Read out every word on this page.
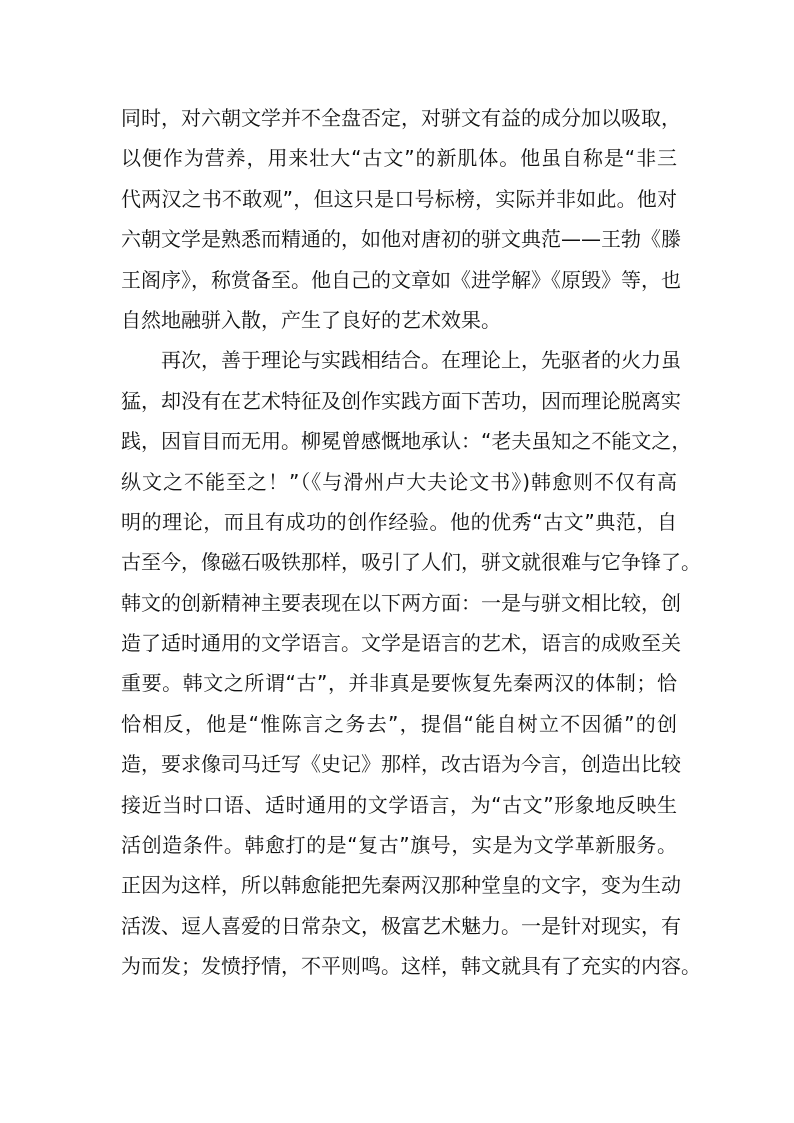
同时，对六朝文学并不全盘否定，对骈文有益的成分加以吸取，
以便作为营养，用来壮大“古文”的新肌体。他虽自称是“非三
代两汉之书不敢观”，但这只是口号标榜，实际并非如此。他对
六朝文学是熟悉而精通的，如他对唐初的骈文典范——王勃《滕
王阁序》，称赏备至。他自己的文章如《进学解》《原毁》等，也
自然地融骈入散，产生了良好的艺术效果。
再次，善于理论与实践相结合。在理论上，先驱者的火力虽
猛，却没有在艺术特征及创作实践方面下苦功，因而理论脱离实
践，因盲目而无用。柳冕曾感慨地承认：“老夫虽知之不能文之，
纵文之不能至之！”（《与滑州卢大夫论文书》)韩愈则不仅有高
明的理论，而且有成功的创作经验。他的优秀“古文”典范，自
古至今，像磁石吸铁那样，吸引了人们，骈文就很难与它争锋了。
韩文的创新精神主要表现在以下两方面：一是与骈文相比较，创
造了适时通用的文学语言。文学是语言的艺术，语言的成败至关
重要。韩文之所谓“古”，并非真是要恢复先秦两汉的体制；恰
恰相反，他是“惟陈言之务去”，提倡“能自树立不因循”的创
造，要求像司马迁写《史记》那样，改古语为今言，创造出比较
接近当时口语、适时通用的文学语言，为“古文”形象地反映生
活创造条件。韩愈打的是“复古”旗号，实是为文学革新服务。
正因为这样，所以韩愈能把先秦两汉那种堂皇的文字，变为生动
活泼、逗人喜爱的日常杂文，极富艺术魅力。一是针对现实，有
为而发；发愤抒情，不平则鸣。这样，韩文就具有了充实的内容。
